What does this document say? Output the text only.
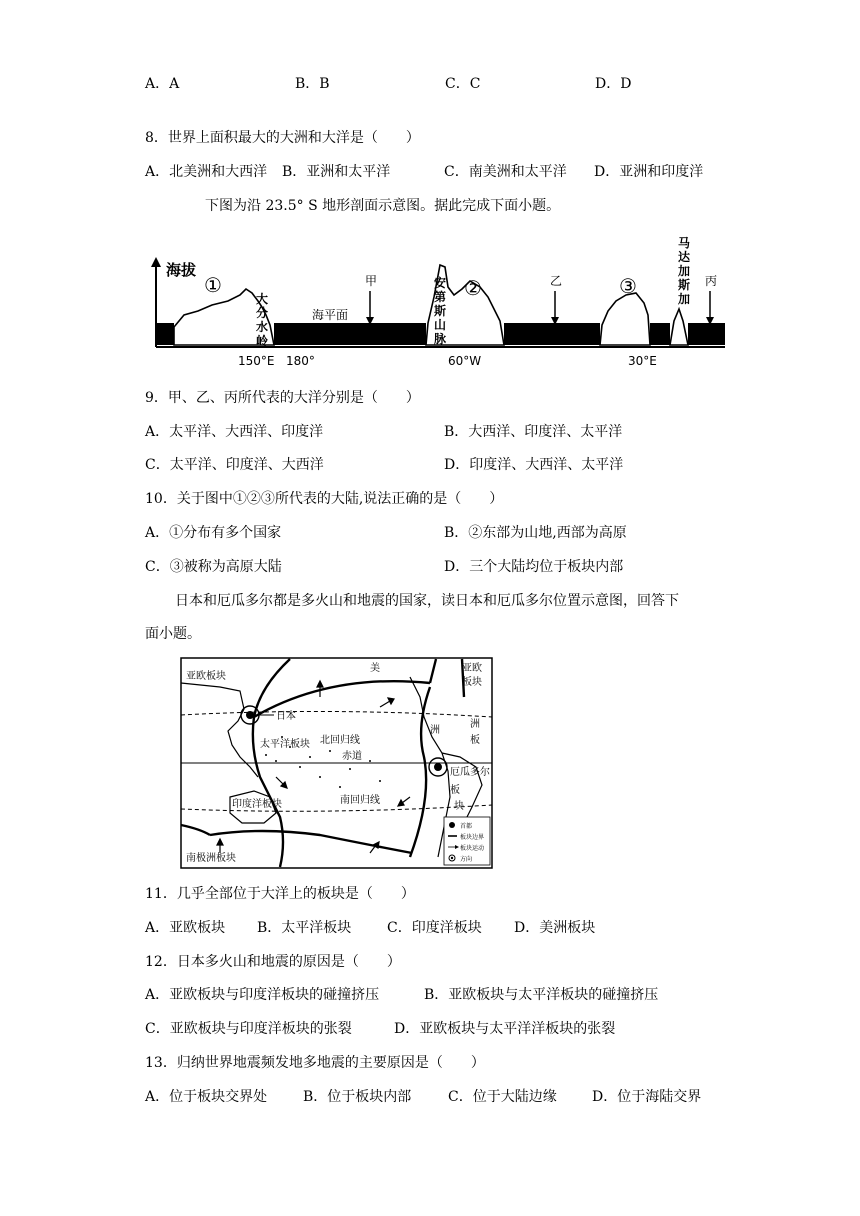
A．A	B．B	C．C	D．D
8．世界上面积最大的大洲和大洋是（　　）
A．北美洲和大西洋 B．亚洲和太平洋	C．南美洲和太平洋 D．亚洲和印度洋
下图为沿 23.5° S 地形剖面示意图。据此完成下面小题。
海拔
①	②	③
大
分
水
岭
安
第
斯
山
脉
马
达
加
斯
加
海平面
甲	乙	丙
150°E 180°	60°W	30°E
9．甲、乙、丙所代表的大洋分别是（　　）
A．太平洋、大西洋、印度洋	B．大西洋、印度洋、太平洋
C．太平洋、印度洋、大西洋	D．印度洋、大西洋、太平洋
10．关于图中①②③所代表的大陆,说法正确的是（　　）
A．①分布有多个国家	B．②东部为山地,西部为高原
C．③被称为高原大陆	D．三个大陆均位于板块内部
日本和厄瓜多尔都是多火山和地震的国家，读日本和厄瓜多尔位置示意图，回答下
面小题。
亚欧板块
亚欧
板块
美
洲
洲
板
日本
太平洋板块 北回归线
赤道
厄瓜多尔
板
块
印度洋板块	南回归线
南极洲板块
首都
板块边界
板块运动
方向
11．几乎全部位于大洋上的板块是（　　）
A．亚欧板块 B．太平洋板块	C．印度洋板块 D．美洲板块
12．日本多火山和地震的原因是（　　）
A．亚欧板块与印度洋板块的碰撞挤压	B．亚欧板块与太平洋板块的碰撞挤压
C．亚欧板块与印度洋板块的张裂	D．亚欧板块与太平洋洋板块的张裂
13．归纳世界地震频发地多地震的主要原因是（　　）
A．位于板块交界处	B．位于板块内部	C．位于大陆边缘	D．位于海陆交界
